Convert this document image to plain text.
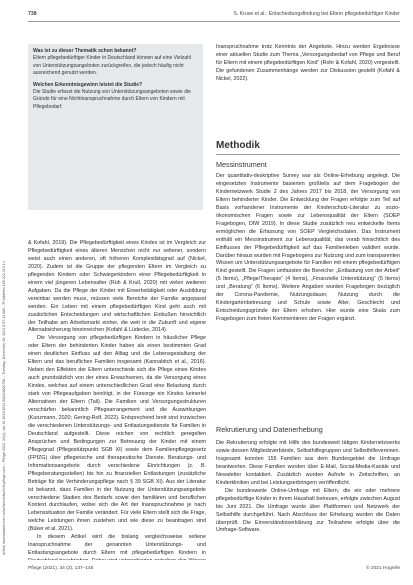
738	S. Kruse et al.: Entscheidungsfindung bei Eltern pflegebedürftiger Kinder
Article downloaded from www.fachzeitschrift-pflege.com – Pflege 2021; 34(2); doi 10.1024/1012-5302/a000796 – Tuesday, December 28, 2021 8:57:13 AM – IP Address 185.222.213.14

Was ist zu dieser Thematik schon bekannt?

Eltern pflegebedürftiger Kinder in Deutschland können auf eine Vielzahl von Unterstützungsangeboten zurückgreifen, die jedoch häufig nicht ausreichend genutzt werden.

Welchen Erkenntnisgewinn leistet die Studie?

Die Studie erfasst die Nutzung von Unterstützungsangeboten sowie die Gründe für eine Nichtinanspruchnahme durch Eltern von Kindern mit Pflegebedarf.

& Kofahl, 2019). Die Pflegebedürftigkeit eines Kindes ist im Vergleich zur Pflegebedürftigkeit eines älteren Menschen nicht nur seltener, sondern weist auch einen anderen, oft höheren Komplexitätsgrad auf (Nickel, 2020). Zudem ist die Gruppe der pflegenden Eltern im Vergleich zu pflegenden Kindern oder Schwiegerkindern einer Pflegebedürftigkeit in einem viel jüngeren Lebensalter (Rüh & Krull, 2020) mit vielen weiteren Aufgaben. Da die Pflege der Kinder mit Erwerbstätigkeit oder Ausbildung vereinbar werden muss, müssen viele Bereiche der Familie angepasst werden. Ein Leben mit einem pflegebedürftigen Kind geht auch mit zusätzlichen Entscheidungen und wirtschaftlichen Einbußen hinsichtlich der Teilhabe am Arbeitsmarkt einher, die weit in die Zukunft und eigene Altersabsicherung hineinreichen (Kofahl & Lüdecke, 2014).

Die Versorgung von pflegebedürftigen Kindern in häuslicher Pflege oder Eltern der behinderten Kinder haben als einen bestimmten Grad einen deutlichen Einfluss auf den Alltag und die Lebensgestaltung der Eltern und das beruflichen Familien insgesamt (Kannabitch et al., 2016). Neben den Effekten der Eltern unterschiede sich die Pflege eines Kindes auch grundsätzlich von der eines Erwachsenen, da die Versorgung eines Kindes, welches auf einem unterschiedlichen Grad eine Belastung durch stark von Pflegeaufgaben benötigt, in der Fürsorge ein Kindes keinerlei Alternativen der Eltern (Tali). Die Familien und Versorgungsstrukturen verschärfen bekanntlich Pflegearrangement und die Auswirkungen (Kunzmann, 2020; Gering-Rolf, 2022). Entsprechend breit sind inzwischen die verschiedenen Unterstützungs- und Entlastungsdienste für Familien in Deutschland aufgestellt. Diese reichen von rechtlich geregelten Ansprüchen und Bedingungen zur Betreuung der Kinder mit einem Pflegegrad (Pflegestützpunkt SGB XI) sowie dem Familienpflegegesetz (FPfZG) über pflegerische und therapeutische Dienste. Beratungs- und Informationsangebote durch verschiedene Einrichtungen (z. B. Pflegeberatungsstellen) bis hin zu finanziellen Entlastungen (zusätzliche Beträge für die Verhinderungspflege nach § 39 SGB XI). Aus der Literatur ist bekannt, dass Familien in der Nutzung der Unterstützungsangebote verschiedene Stadien des Bedarfs sowie den familiären und beruflichen Kontext durchlaufen, wobei sich die Art der Inanspruchnahme je nach Lebenssituation der Familie verändert. Für viele Eltern stellt sich die Frage, welche Leistungen ihnen zustehen und wie diese zu beantragen sind (Büker et al. 2021).

In diesem Artikel wird die bislang vergleichsweise seltene Inanspruchnahme der genannten Unterstützungs- und Entlastungsangebote durch Eltern mit pflegebedürftigen Kindern in

Inanspruchnahme trotz Kenntnis der Angebote. Hinzu werden Ergebnisse einer aktuellen Studie zum Thema „Versorgungsbedarf von Pflege und Beruf für Eltern mit einem pflegebedürftigen Kind“ (Rohr & Kofahl, 2020) vorgestellt. Die gefundenen Zusammenhänge werden zur Diskussion gestellt (Kofahl & Nickel, 2022).

Methodik
Messinstrument

Der quantitativ-deskriptive Survey war als Online-Erhebung angelegt. Die eingesetzten Instrumente basierten großteils auf dem Fragebogen der Kindernetzwerk Studie 2 des Jahres 2017 bis 2018, der Versorgung von Eltern behinderter Kinder. Die Entwicklung der Fragen erfolgte zum Teil auf Basis vorhandener Instrumente der Kinderschutz-Literatur zu sozio-ökonomischen Fragen sowie zur Lebensqualität der Eltern (SOEP Fragebogen, DIW 2019). In diese Studie zusätzlich neu entwickelte Items ermöglichen die Erfassung von SOEP Vergleichsdaten. Das Instrument enthält ein Messinstrument zur Lebensqualität, das vorab hinsichtlich des Einflusses der Pflegebedürftigkeit auf das Familienleben validiert wurde. Darüber hinaus wurden mit Fragebogens zur Nutzung und zum transparenten Wissen um Unterstützungsangebote für Familien mit einem pflegebedürftigen Kind gestellt. Die Fragen umfassten die Bereiche: „Entlastung von der Arbeit“ (5 Items), „Pflege/Therapie“ (4 Items), „Finanzielle Unterstützung“ (5 Items) und „Beratung“ (6 Items). Weitere Angaben wurden Fragebogen bezüglich der Corona-Pandemie, Nutzungsdauer, Nutzung durch die Kindergartenbetreuung und Schule sowie Alter, Geschlecht und Entscheidungsgründe der Eltern erhoben. Hier wurde eine Skala zum Fragebogen zum freien Kommentieren der Fragen ergänzt.

Rekrutierung und Datenerhebung

Die Rekrutierung erfolgte mit Hilfe des bundesweit tätigen Kindernetzwerks sowie dessen Mitgliedsverbände, Selbsthilfegruppen und Selbsthilfevereinen. Insgesamt konnten 155 Familien aus dem Bundesgebiet die Umfrage beantworten. Diese Familien wurden über E-Mail, Social-Media-Kanäle und Newsletter kontaktiert. Zusätzlich wurden Aufrufe in Zeitschriften, an Kinderkliniken und bei Leistungserbringern veröffentlicht.

Die bundesweite Online-Umfrage mit Eltern, die ein oder mehrere pflegebedürftige Kinder in ihrem Haushalt betreuen, erfolgte zwischen August bis Juni 2021. Die Umfrage wurde über Plattformen und Netzwerk der Selbsthilfe durchgeführt. Nach Abschluss der Erhebung wurden die Daten überprüft. Die Einverständniserklärung zur Teilnahme erfolgte über die Umfrage-Software.

Pflege (2021), 34 (2), 137–145	© 2021 Hogrefe
